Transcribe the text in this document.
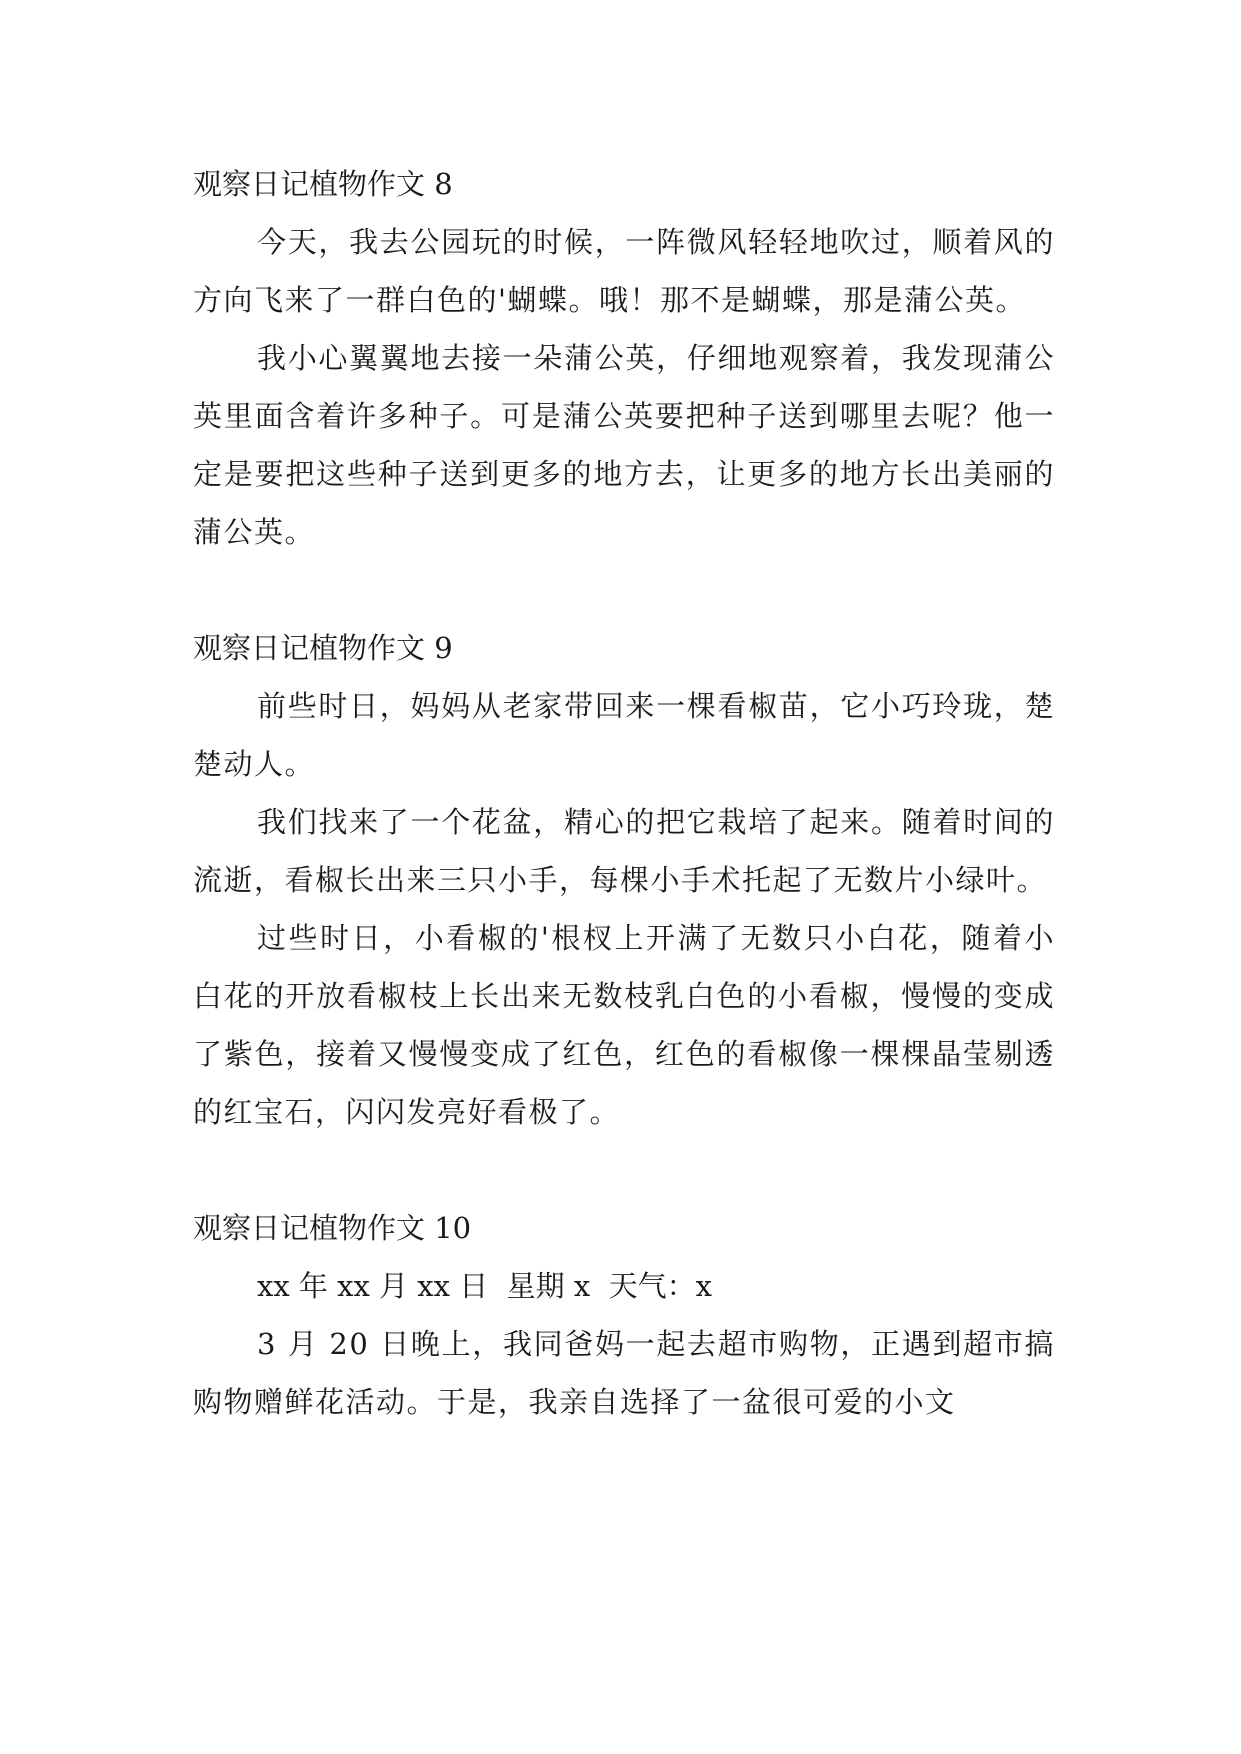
观察日记植物作文 8

今天，我去公园玩的时候，一阵微风轻轻地吹过，顺着风的方向飞来了一群白色的'蝴蝶。哦！那不是蝴蝶，那是蒲公英。

我小心翼翼地去接一朵蒲公英，仔细地观察着，我发现蒲公英里面含着许多种子。可是蒲公英要把种子送到哪里去呢？他一定是要把这些种子送到更多的地方去，让更多的地方长出美丽的蒲公英。

观察日记植物作文 9

前些时日，妈妈从老家带回来一棵看椒苗，它小巧玲珑，楚楚动人。

我们找来了一个花盆，精心的把它栽培了起来。随着时间的流逝，看椒长出来三只小手，每棵小手术托起了无数片小绿叶。

过些时日，小看椒的'根杈上开满了无数只小白花，随着小白花的开放看椒枝上长出来无数枝乳白色的小看椒，慢慢的变成了紫色，接着又慢慢变成了红色，红色的看椒像一棵棵晶莹剔透的红宝石，闪闪发亮好看极了。

观察日记植物作文 10

xx 年 xx 月 xx 日  星期 x  天气：x

3 月 20 日晚上，我同爸妈一起去超市购物，正遇到超市搞购物赠鲜花活动。于是，我亲自选择了一盆很可爱的小文
